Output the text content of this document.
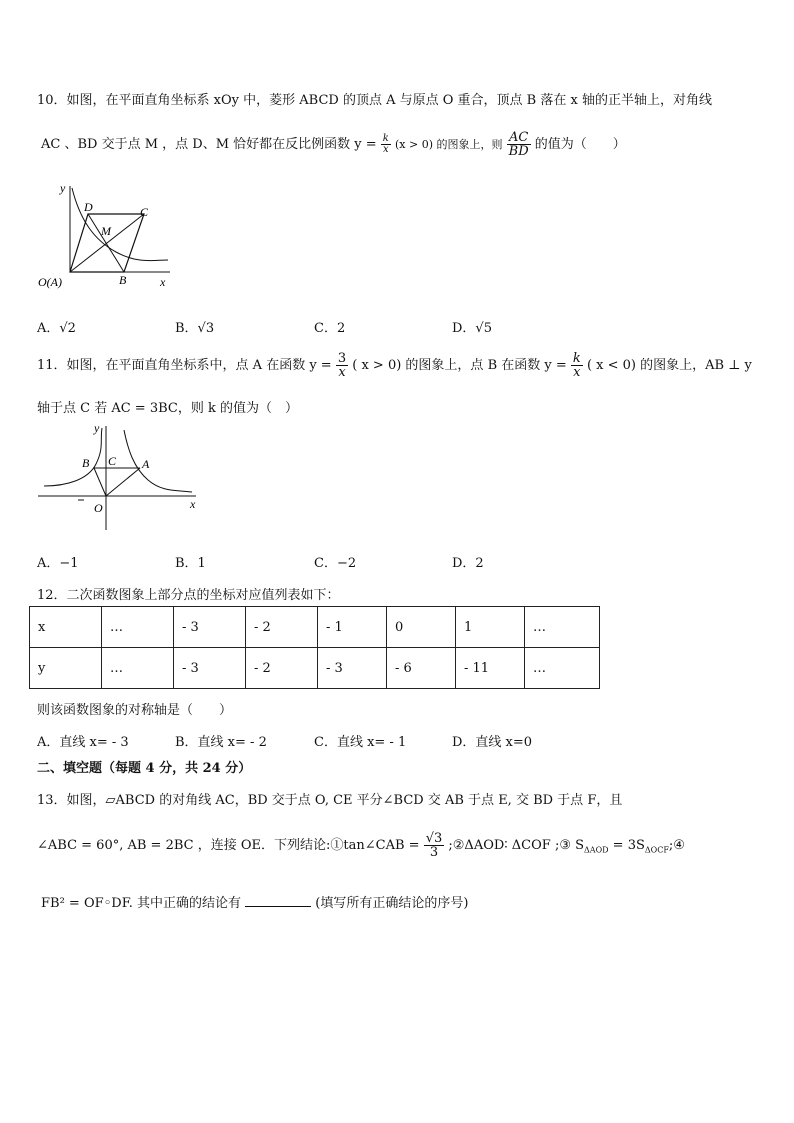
10．如图，在平面直角坐标系 xOy 中，菱形 ABCD 的顶点 A 与原点 O 重合，顶点 B 落在 x 轴的正半轴上，对角线
AC 、BD 交于点 M ，点 D、M 恰好都在反比例函数 $y = \frac{k}{x} (x > 0)$ 的图象上，则 $\frac{AC}{BD}$ 的值为（　　）
y
D	C
M
O(A)	B	x
A．√2	B．√3	C．2	D．√5
11．如图，在平面直角坐标系中，点 A 在函数 $y = \frac{3}{x}$ ( x > 0) 的图象上，点 B 在函数 $y = \frac{k}{x}$ ( x < 0) 的图象上，AB ⊥ y
轴于点 C 若 AC = 3BC，则 k 的值为（　）
y
B C A
O	x
A．−1	B．1	C．−2	D．2
12．二次函数图象上部分点的坐标对应值列表如下：
x	…	- 3	- 2	- 1	0	1	…
y	…	- 3	- 2	- 3	- 6	- 11	…
则该函数图象的对称轴是（　　）
A．直线 x= - 3	B．直线 x= - 2	C．直线 x= - 1	D．直线 x=0
二、填空题（每题 4 分，共 24 分）
13．如图，▱ABCD 的对角线 AC，BD 交于点 O, CE 平分∠BCD 交 AB 于点 E, 交 BD 于点 F，且
∠ABC = 60°, AB = 2BC ，连接 OE．下列结论:①tan∠CAB = $\frac{√3}{3}$ ;②ΔAOD∶ ΔCOF ;③ $S_{\Delta AOD}$ = $3S_{\Delta OCF};④$
FB² = OF◦DF. 其中正确的结论有	(填写所有正确结论的序号)
